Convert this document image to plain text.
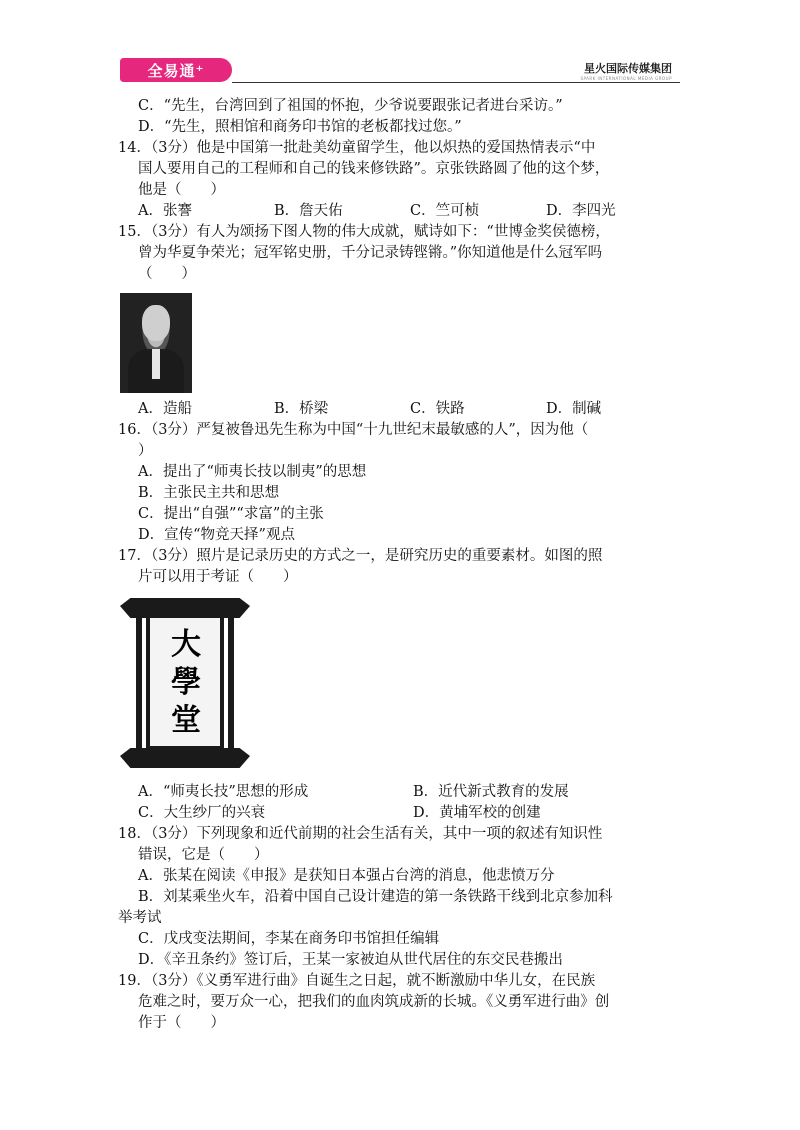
全易通⁺	星火国际传媒集团
SPARK INTERNATIONAL MEDIA GROUP
C．“先生，台湾回到了祖国的怀抱，少爷说要跟张记者进台采访。”
D．“先生，照相馆和商务印书馆的老板都找过您。”
14．（3分）他是中国第一批赴美幼童留学生，他以炽热的爱国热情表示“中
国人要用自己的工程师和自己的钱来修铁路”。京张铁路圆了他的这个梦，
他是（　　）
A．张謇	B．詹天佑	C．竺可桢	D．李四光
15．（3分）有人为颂扬下图人物的伟大成就，赋诗如下：“世博金奖侯德榜，
曾为华夏争荣光；冠军铭史册，千分记录铸铿锵。”你知道他是什么冠军吗
（　　）
A．造船	B．桥梁	C．铁路	D．制碱
16．（3分）严复被鲁迅先生称为中国“十九世纪末最敏感的人”，因为他（
）
A．提出了“师夷长技以制夷”的思想
B．主张民主共和思想
C．提出“自强”“求富”的主张
D．宣传“物竞天择”观点
17．（3分）照片是记录历史的方式之一，是研究历史的重要素材。如图的照
片可以用于考证（　　）
大學堂
A．“师夷长技”思想的形成	B．近代新式教育的发展
C．大生纱厂的兴衰	D．黄埔军校的创建
18．（3分）下列现象和近代前期的社会生活有关，其中一项的叙述有知识性
错误，它是（　　）
A．张某在阅读《申报》是获知日本强占台湾的消息，他悲愤万分
B．刘某乘坐火车，沿着中国自己设计建造的第一条铁路干线到北京参加科
举考试
C．戊戌变法期间，李某在商务印书馆担任编辑
D．《辛丑条约》签订后，王某一家被迫从世代居住的东交民巷搬出
19．（3分）《义勇军进行曲》自诞生之日起，就不断激励中华儿女，在民族
危难之时，要万众一心，把我们的血肉筑成新的长城。《义勇军进行曲》创
作于（　　）
